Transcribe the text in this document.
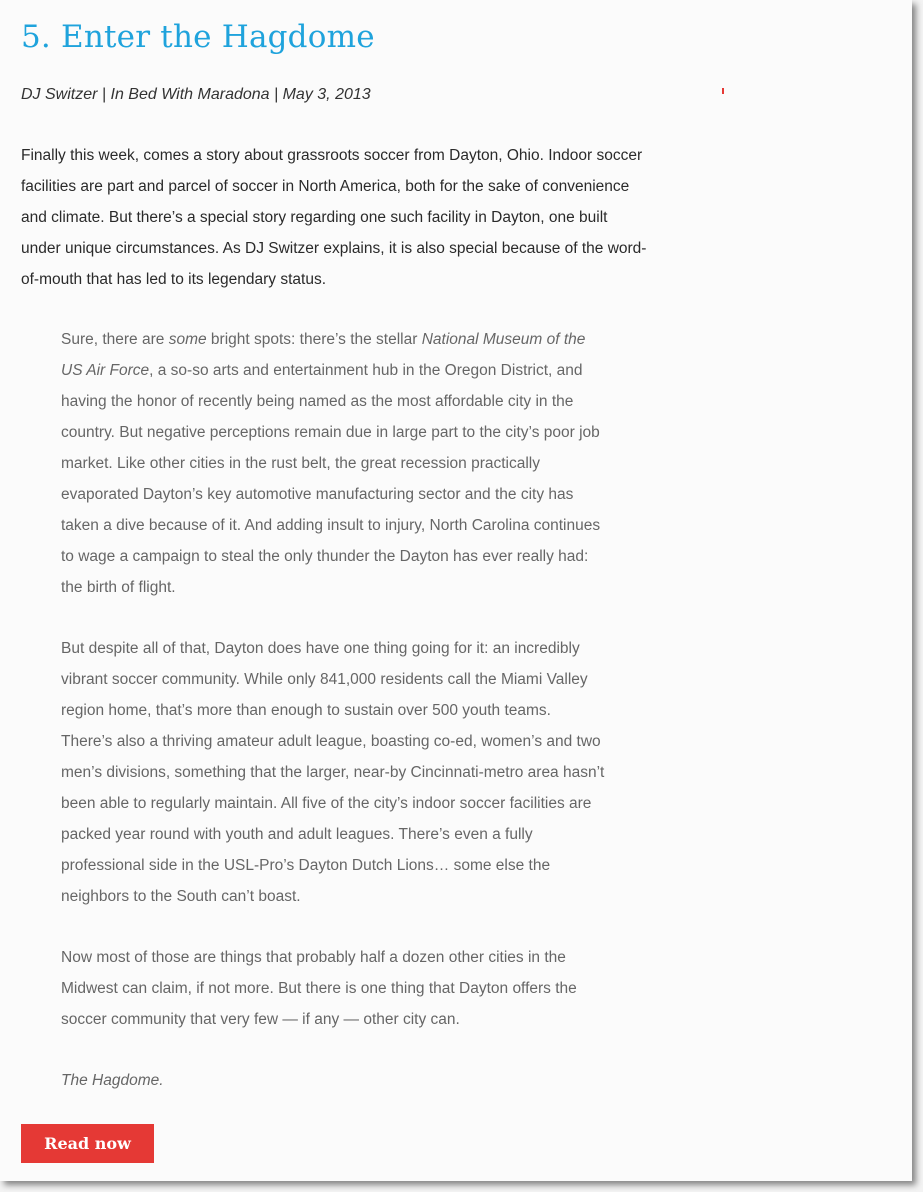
5. Enter the Hagdome

DJ Switzer | In Bed With Maradona | May 3, 2013

Finally this week, comes a story about grassroots soccer from Dayton, Ohio. Indoor soccer facilities are part and parcel of soccer in North America, both for the sake of convenience and climate. But there’s a special story regarding one such facility in Dayton, one built under unique circumstances. As DJ Switzer explains, it is also special because of the word-of-mouth that has led to its legendary status.

Sure, there are some bright spots: there’s the stellar National Museum of the US Air Force, a so-so arts and entertainment hub in the Oregon District, and having the honor of recently being named as the most affordable city in the country. But negative perceptions remain due in large part to the city’s poor job market. Like other cities in the rust belt, the great recession practically evaporated Dayton’s key automotive manufacturing sector and the city has taken a dive because of it. And adding insult to injury, North Carolina continues to wage a campaign to steal the only thunder the Dayton has ever really had: the birth of flight.

But despite all of that, Dayton does have one thing going for it: an incredibly vibrant soccer community. While only 841,000 residents call the Miami Valley region home, that’s more than enough to sustain over 500 youth teams. There’s also a thriving amateur adult league, boasting co-ed, women’s and two men’s divisions, something that the larger, near-by Cincinnati-metro area hasn’t been able to regularly maintain. All five of the city’s indoor soccer facilities are packed year round with youth and adult leagues. There’s even a fully professional side in the USL-Pro’s Dayton Dutch Lions… some else the neighbors to the South can’t boast.

Now most of those are things that probably half a dozen other cities in the Midwest can claim, if not more. But there is one thing that Dayton offers the soccer community that very few — if any — other city can.

The Hagdome.

Read now
